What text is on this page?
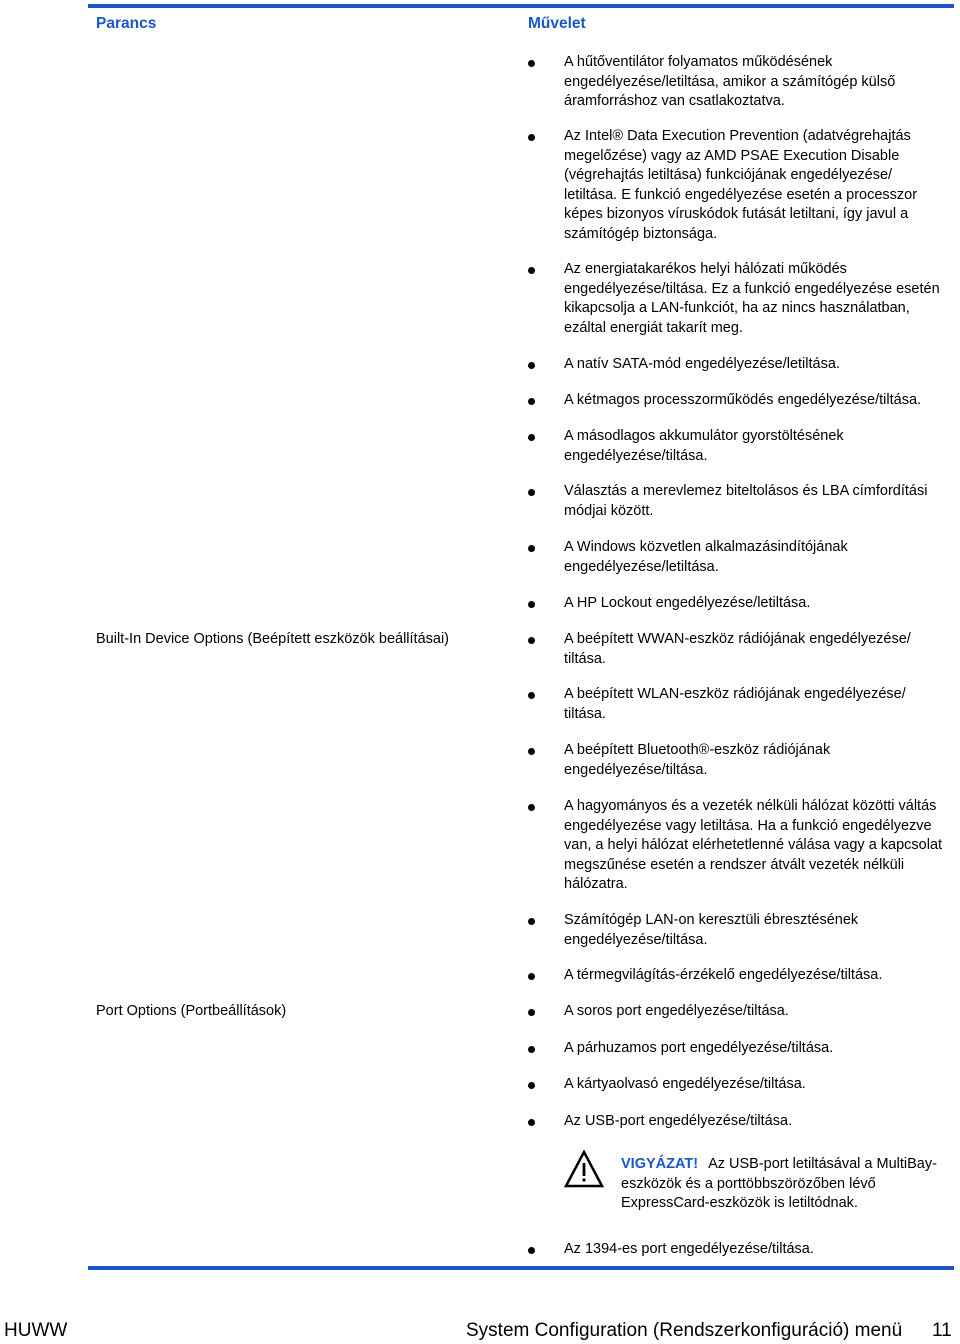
Parancs	Művelet
A hűtőventilátor folyamatos működésének engedélyezése/letiltása, amikor a számítógép külső áramforráshoz van csatlakoztatva.
Az Intel® Data Execution Prevention (adatvégrehajtás megelőzése) vagy az AMD PSAE Execution Disable (végrehajtás letiltása) funkciójának engedélyezése/ letiltása. E funkció engedélyezése esetén a processzor képes bizonyos víruskódok futását letiltani, így javul a számítógép biztonsága.
Az energiatakarékos helyi hálózati működés engedélyezése/tiltása. Ez a funkció engedélyezése esetén kikapcsolja a LAN-funkciót, ha az nincs használatban, ezáltal energiát takarít meg.
A natív SATA-mód engedélyezése/letiltása.
A kétmagos processzorműködés engedélyezése/tiltása.
A másodlagos akkumulátor gyorstöltésének engedélyezése/tiltása.
Választás a merevlemez biteltolásos és LBA címfordítási módjai között.
A Windows közvetlen alkalmazásindítójának engedélyezése/letiltása.
A HP Lockout engedélyezése/letiltása.
Built-In Device Options (Beépített eszközök beállításai)	A beépített WWAN-eszköz rádiójának engedélyezése/ tiltása.
A beépített WLAN-eszköz rádiójának engedélyezése/ tiltása.
A beépített Bluetooth®-eszköz rádiójának engedélyezése/tiltása.
A hagyományos és a vezeték nélküli hálózat közötti váltás engedélyezése vagy letiltása. Ha a funkció engedélyezve van, a helyi hálózat elérhetetlenné válása vagy a kapcsolat megszűnése esetén a rendszer átvált vezeték nélküli hálózatra.
Számítógép LAN-on keresztüli ébresztésének engedélyezése/tiltása.
A térmegvilágítás-érzékelő engedélyezése/tiltása.
Port Options (Portbeállítások)	A soros port engedélyezése/tiltása.
A párhuzamos port engedélyezése/tiltása.
A kártyaolvasó engedélyezése/tiltása.
Az USB-port engedélyezése/tiltása.
VIGYÁZAT! Az USB-port letiltásával a MultiBay-eszközök és a porttöbbszörözőben lévő ExpressCard-eszközök is letiltódnak.
Az 1394-es port engedélyezése/tiltása.
HUWW	System Configuration (Rendszerkonfiguráció) menü 11
